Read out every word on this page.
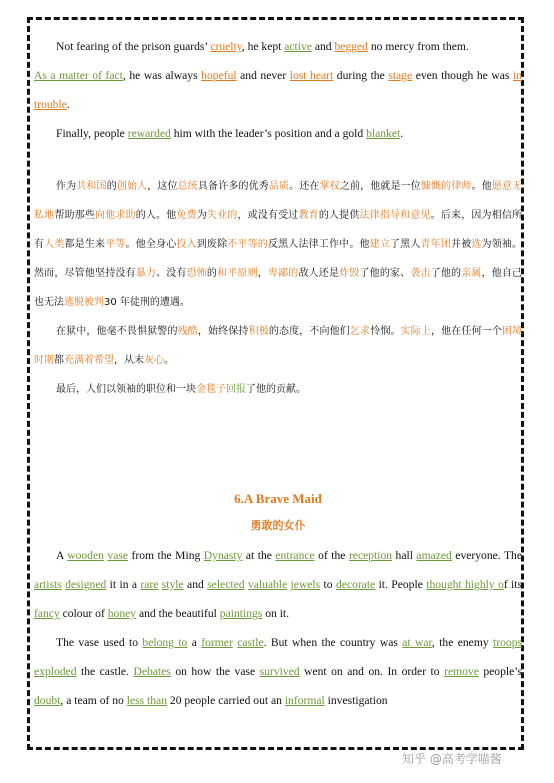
Not fearing of the prison guards’ cruelty, he kept active and begged no mercy from them.

As a matter of fact, he was always hopeful and never lost heart during the stage even though he was in trouble.

Finally, people rewarded him with the leader’s position and a gold blanket.

作为共和国的创始人，这位总统具备许多的优秀品质。还在掌权之前，他就是一位慷慨的律师。他愿意无私地帮助那些向他求助的人。他免费为失业的，或没有受过教育的人提供法律指导和意见。后来，因为相信所有人类都是生来平等。他全身心投入到废除不平等的反黑人法律工作中。他建立了黑人青年团并被选为领袖。然而，尽管他坚持没有暴力、没有恐怖的和平原则，卑鄙的敌人还是炸毁了他的家、袭击了他的亲属，他自己也无法逃脱被判30 年徒刑的遭遇。

在狱中，他毫不畏惧狱警的残酷，始终保持积极的态度，不向他们乞求怜悯。实际上，他在任何一个困境时期都充满着希望，从未灰心。

最后，人们以领袖的职位和一块金毯子回报了他的贡献。

6.A Brave Maid

勇敢的女仆

A wooden vase from the Ming Dynasty at the entrance of the reception hall amazed everyone. The artists designed it in a rare style and selected valuable jewels to decorate it. People thought highly of its fancy colour of honey and the beautiful paintings on it.

The vase used to belong to a former castle. But when the country was at war, the enemy troops exploded the castle. Debates on how the vase survived went on and on. In order to remove people’s doubt, a team of no less than 20 people carried out an informal investigation

知乎 @高考学喵酱
